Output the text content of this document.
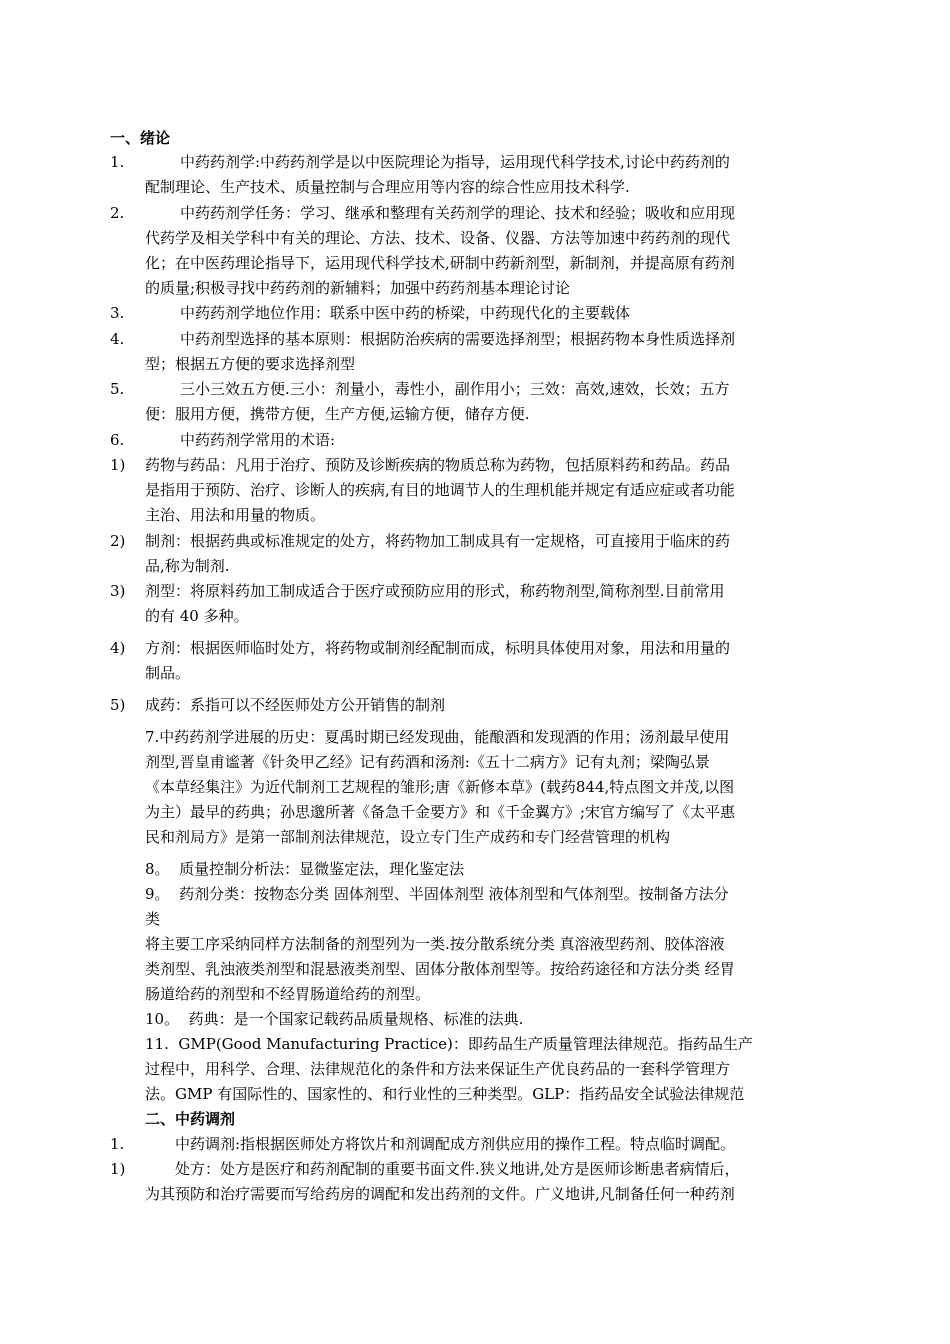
一、绪论
1.	中药药剂学:中药药剂学是以中医院理论为指导，运用现代科学技术,讨论中药药剂的
配制理论、生产技术、质量控制与合理应用等内容的综合性应用技术科学.
2.	中药药剂学任务：学习、继承和整理有关药剂学的理论、技术和经验；吸收和应用现
代药学及相关学科中有关的理论、方法、技术、设备、仪器、方法等加速中药药剂的现代
化；在中医药理论指导下，运用现代科学技术,研制中药新剂型，新制剂，并提高原有药剂
的质量;积极寻找中药药剂的新辅料；加强中药药剂基本理论讨论
3.	中药药剂学地位作用：联系中医中药的桥梁，中药现代化的主要载体
4.	中药剂型选择的基本原则：根据防治疾病的需要选择剂型；根据药物本身性质选择剂
型；根据五方便的要求选择剂型
5.	三小三效五方便.三小：剂量小，毒性小，副作用小；三效：高效,速效，长效；五方
便：服用方便，携带方便，生产方便,运输方便，储存方便.
6.	中药药剂学常用的术语:
1) 药物与药品：凡用于治疗、预防及诊断疾病的物质总称为药物，包括原料药和药品。药品
是指用于预防、治疗、诊断人的疾病,有目的地调节人的生理机能并规定有适应症或者功能
主治、用法和用量的物质。
2) 制剂：根据药典或标准规定的处方，将药物加工制成具有一定规格，可直接用于临床的药
品,称为制剂.
3) 剂型：将原料药加工制成适合于医疗或预防应用的形式，称药物剂型,简称剂型.目前常用
的有 40 多种。
4) 方剂：根据医师临时处方，将药物或制剂经配制而成，标明具体使用对象，用法和用量的
制品。
5) 成药：系指可以不经医师处方公开销售的制剂
7.中药药剂学进展的历史：夏禹时期已经发现曲，能酿酒和发现酒的作用；汤剂最早使用
剂型,晋皇甫谧著《针灸甲乙经》记有药酒和汤剂:《五十二病方》记有丸剂；梁陶弘景
《本草经集注》为近代制剂工艺规程的雏形;唐《新修本草》(载药844,特点图文并茂,以图
为主）最早的药典；孙思邈所著《备急千金要方》和《千金翼方》;宋官方编写了《太平惠
民和剂局方》是第一部制剂法律规范，设立专门生产成药和专门经营管理的机构
8。  质量控制分析法：显微鉴定法，理化鉴定法
9。  药剂分类：按物态分类 固体剂型、半固体剂型 液体剂型和气体剂型。按制备方法分
类
将主要工序采纳同样方法制备的剂型列为一类.按分散系统分类 真溶液型药剂、胶体溶液
类剂型、乳浊液类剂型和混悬液类剂型、固体分散体剂型等。按给药途径和方法分类 经胃
肠道给药的剂型和不经胃肠道给药的剂型。
10。  药典：是一个国家记载药品质量规格、标准的法典.
11.  GMP(Good Manufacturing Practice)：即药品生产质量管理法律规范。指药品生产
过程中，用科学、合理、法律规范化的条件和方法来保证生产优良药品的一套科学管理方
法。GMP 有国际性的、国家性的、和行业性的三种类型。GLP：指药品安全试验法律规范
二、中药调剂
1.	中药调剂:指根据医师处方将饮片和剂调配成方剂供应用的操作工程。特点临时调配。
1)	处方：处方是医疗和药剂配制的重要书面文件.狭义地讲,处方是医师诊断患者病情后，
为其预防和治疗需要而写给药房的调配和发出药剂的文件。广义地讲,凡制备任何一种药剂
